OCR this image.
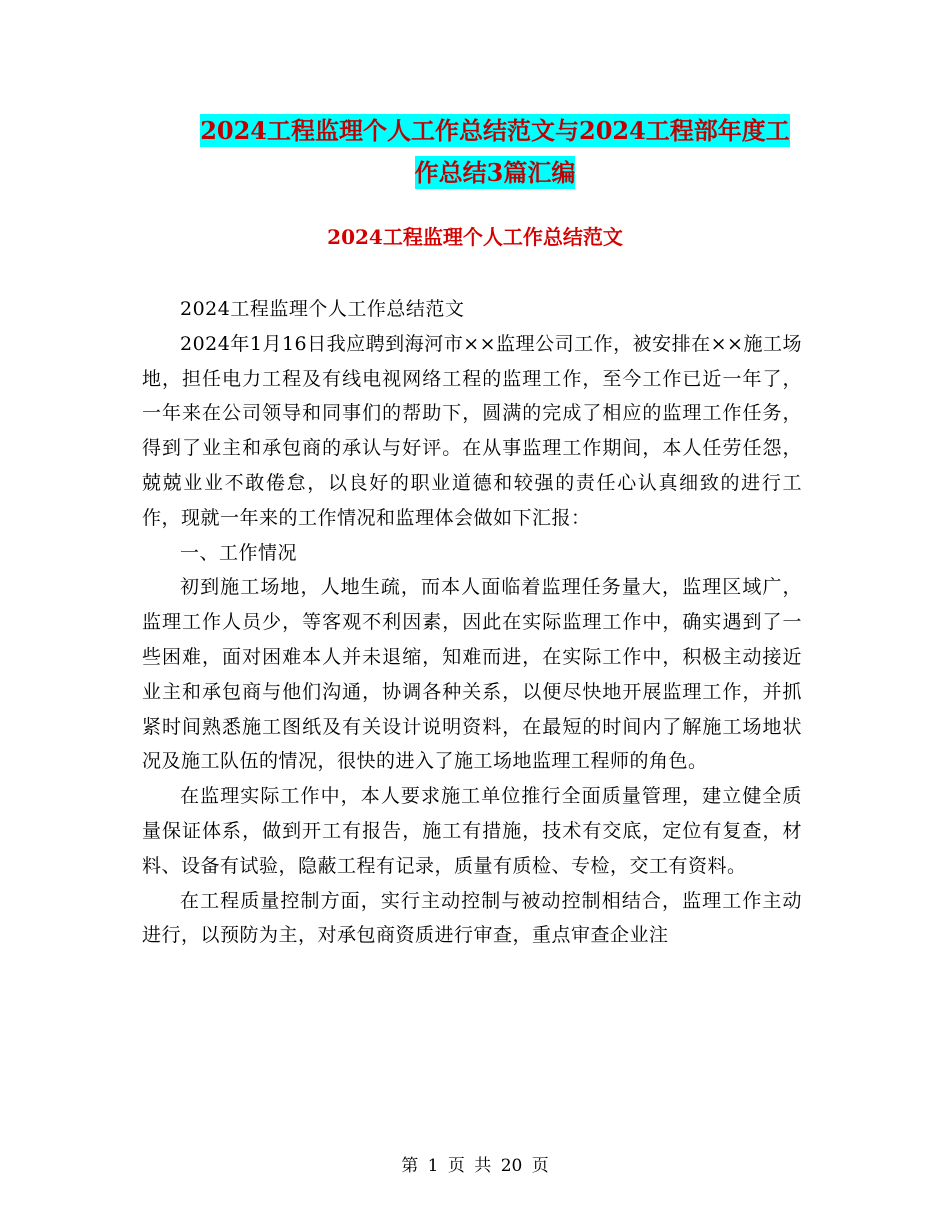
2024工程监理个人工作总结范文与2024工程部年度工
作总结3篇汇编
2024工程监理个人工作总结范文

2024工程监理个人工作总结范文

2024年1月16日我应聘到海河市××监理公司工作，被安排在××施工场地，担任电力工程及有线电视网络工程的监理工作，至今工作已近一年了，一年来在公司领导和同事们的帮助下，圆满的完成了相应的监理工作任务，得到了业主和承包商的承认与好评。在从事监理工作期间，本人任劳任怨，兢兢业业不敢倦怠，以良好的职业道德和较强的责任心认真细致的进行工作，现就一年来的工作情况和监理体会做如下汇报：

一、工作情况

初到施工场地，人地生疏，而本人面临着监理任务量大，监理区域广，监理工作人员少，等客观不利因素，因此在实际监理工作中，确实遇到了一些困难，面对困难本人并未退缩，知难而进，在实际工作中，积极主动接近业主和承包商与他们沟通，协调各种关系，以便尽快地开展监理工作，并抓紧时间熟悉施工图纸及有关设计说明资料，在最短的时间内了解施工场地状况及施工队伍的情况，很快的进入了施工场地监理工程师的角色。

在监理实际工作中，本人要求施工单位推行全面质量管理，建立健全质量保证体系，做到开工有报告，施工有措施，技术有交底，定位有复查，材料、设备有试验，隐蔽工程有记录，质量有质检、专检，交工有资料。

在工程质量控制方面，实行主动控制与被动控制相结合，监理工作主动进行，以预防为主，对承包商资质进行审查，重点审查企业注

第 1 页 共 20 页
